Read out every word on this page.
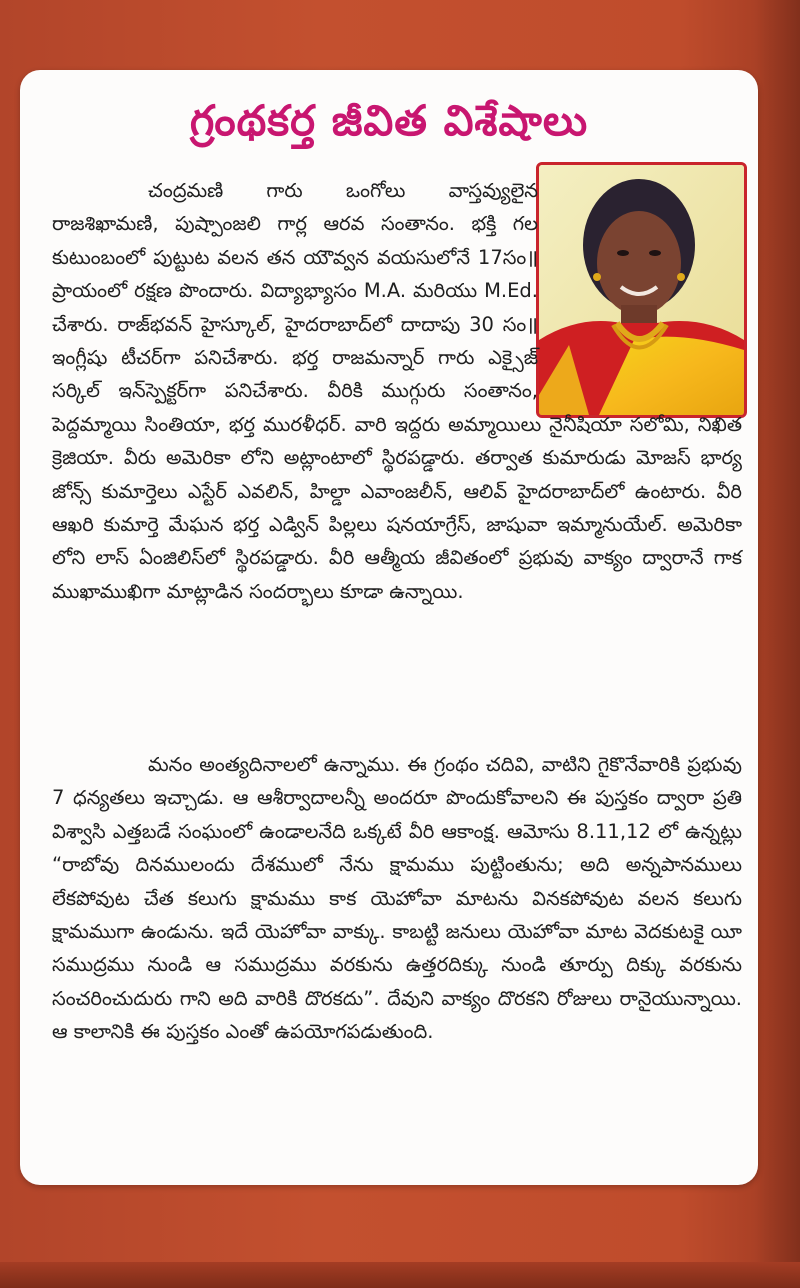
గ్రంథకర్త జీవిత విశేషాలు

చంద్రమణి గారు ఒంగోలు వాస్తవ్యులైన రాజశిఖామణి, పుష్పాంజలి గార్ల ఆరవ సంతానం. భక్తి గల కుటుంబంలో పుట్టుట వలన తన యౌవ్వన వయసులోనే 17సం॥ ప్రాయంలో రక్షణ పొందారు. విద్యాభ్యాసం M.A. మరియు M.Ed. చేశారు. రాజ్‌భవన్ హైస్కూల్, హైదరాబాద్‌లో దాదాపు 30 సం॥ ఇంగ్లీషు టీచర్‌గా పనిచేశారు. భర్త రాజమన్నార్ గారు ఎక్సైజ్ సర్కిల్ ఇన్‌స్పెక్టర్‌గా పనిచేశారు. వీరికి ముగ్గురు సంతానం, పెద్దమ్మాయి సింతియా, భర్త మురళీధర్. వారి ఇద్దరు అమ్మాయిలు నైనీషియా సలోమి, నిఖిత క్రెజియా. వీరు అమెరికా లోని అట్లాంటాలో స్థిరపడ్డారు. తర్వాత కుమారుడు మోజస్ భార్య జోన్స్ కుమార్తెలు ఎస్టేర్ ఎవలిన్, హిల్డా ఎవాంజలీన్, ఆలివ్ హైదరాబాద్‌లో ఉంటారు. వీరి ఆఖరి కుమార్తె మేఘన భర్త ఎడ్విన్ పిల్లలు షనయాగ్రేస్, జాషువా ఇమ్మానుయేల్. అమెరికా లోని లాస్ ఏంజిలిస్‌లో స్థిరపడ్డారు. వీరి ఆత్మీయ జీవితంలో ప్రభువు వాక్యం ద్వారానే గాక ముఖాముఖిగా మాట్లాడిన సందర్భాలు కూడా ఉన్నాయి.

మనం అంత్యదినాలలో ఉన్నాము. ఈ గ్రంథం చదివి, వాటిని గైకొనేవారికి ప్రభువు 7 ధన్యతలు ఇచ్చాడు. ఆ ఆశీర్వాదాలన్నీ అందరూ పొందుకోవాలని ఈ పుస్తకం ద్వారా ప్రతి విశ్వాసి ఎత్తబడే సంఘంలో ఉండాలనేది ఒక్కటే వీరి ఆకాంక్ష. ఆమోసు 8.11,12 లో ఉన్నట్లు “రాబోవు దినములందు దేశములో నేను క్షామము పుట్టింతును; అది అన్నపానములు లేకపోవుట చేత కలుగు క్షామము కాక యెహోవా మాటను వినకపోవుట వలన కలుగు క్షామముగా ఉండును. ఇదే యెహోవా వాక్కు. కాబట్టి జనులు యెహోవా మాట వెదకుటకై యీ సముద్రము నుండి ఆ సముద్రము వరకును ఉత్తరదిక్కు నుండి తూర్పు దిక్కు వరకును సంచరించుదురు గాని అది వారికి దొరకదు”. దేవుని వాక్యం దొరకని రోజులు రానైయున్నాయి. ఆ కాలానికి ఈ పుస్తకం ఎంతో ఉపయోగపడుతుంది.
